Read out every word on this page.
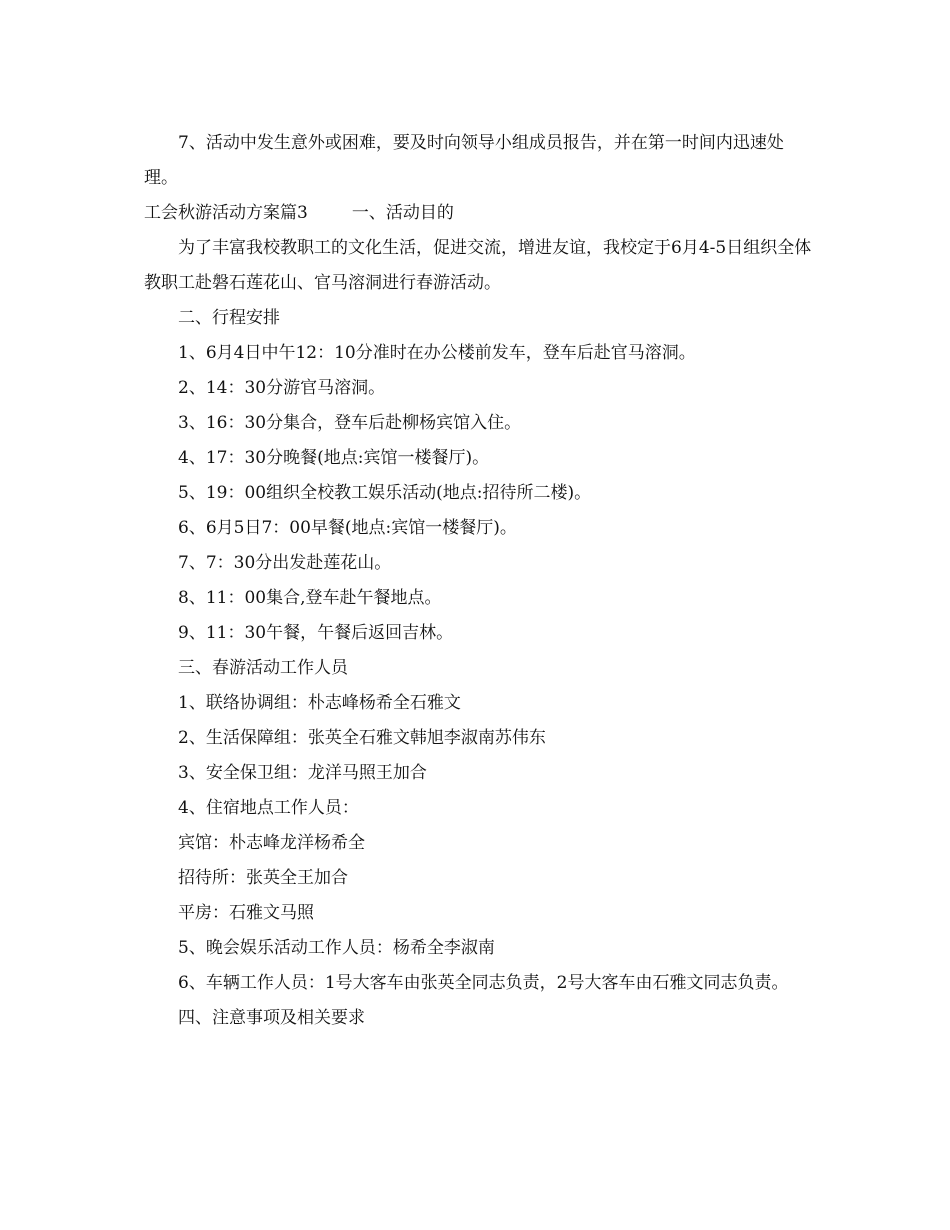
7、活动中发生意外或困难，要及时向领导小组成员报告，并在第一时间内迅速处理。

工会秋游活动方案篇3	一、活动目的

为了丰富我校教职工的文化生活，促进交流，增进友谊，我校定于6月4-5日组织全体教职工赴磐石莲花山、官马溶洞进行春游活动。

二、行程安排

1、6月4日中午12：10分准时在办公楼前发车，登车后赴官马溶洞。

2、14：30分游官马溶洞。

3、16：30分集合，登车后赴柳杨宾馆入住。

4、17：30分晚餐(地点:宾馆一楼餐厅)。

5、19：00组织全校教工娱乐活动(地点:招待所二楼)。

6、6月5日7：00早餐(地点:宾馆一楼餐厅)。

7、7：30分出发赴莲花山。

8、11：00集合,登车赴午餐地点。

9、11：30午餐，午餐后返回吉林。

三、春游活动工作人员

1、联络协调组：朴志峰杨希全石雅文

2、生活保障组：张英全石雅文韩旭李淑南苏伟东

3、安全保卫组：龙洋马照王加合

4、住宿地点工作人员：

宾馆：朴志峰龙洋杨希全

招待所：张英全王加合

平房：石雅文马照

5、晚会娱乐活动工作人员：杨希全李淑南

6、车辆工作人员：1号大客车由张英全同志负责，2号大客车由石雅文同志负责。

四、注意事项及相关要求
